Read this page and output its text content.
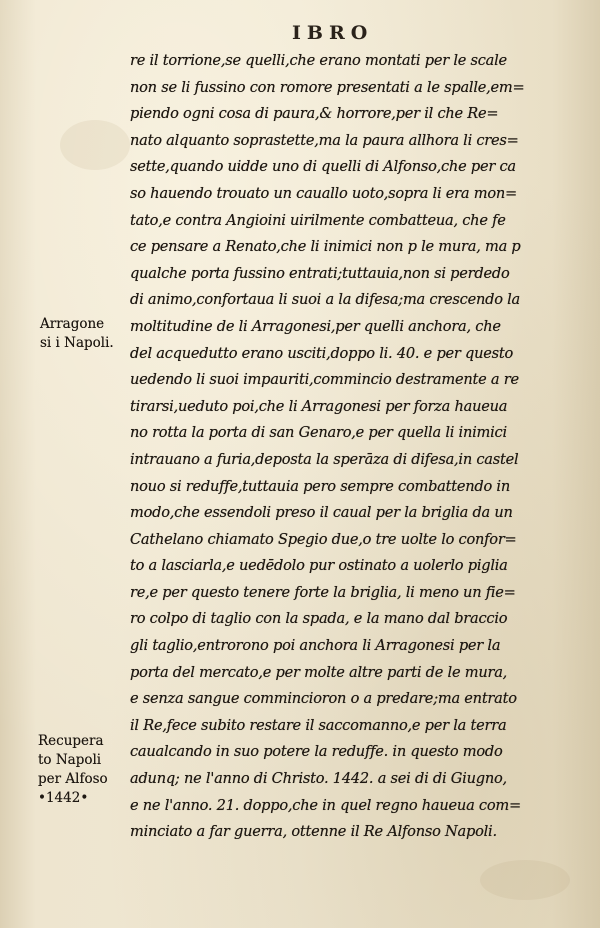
IBRO
re il torrione,se quelli,che erano montati per le scale
non se li fussino con romore presentati a le spalle,em=
piendo ogni cosa di paura,& horrore,per il che Re=
nato alquanto soprastette,ma la paura allhora li cres=
sette,quando uidde uno di quelli di Alfonso,che per ca
so hauendo trouato un cauallo uoto,sopra li era mon=
tato,e contra Angioini uirilmente combatteua, che fe
ce pensare a Renato,che li inimici non p le mura, ma p
qualche porta fussino entrati;tuttauia,non si perdedo
di animo,confortaua li suoi a la difesa;ma crescendo la
moltitudine de li Arragonesi,per quelli anchora, che
del acquedutto erano usciti,doppo li. 40. e per questo
uedendo li suoi impauriti,commincio destramente a re
tirarsi,ueduto poi,che li Arragonesi per forza haueua
no rotta la porta di san Genaro,e per quella li inimici
intrauano a furia,deposta la sperāza di difesa,in castel
nouo si reduffe,tuttauia pero sempre combattendo in
modo,che essendoli preso il caual per la briglia da un
Cathelano chiamato Spegio due,o tre uolte lo confor=
to a lasciarla,e uedēdolo pur ostinato a uolerlo piglia
re,e per questo tenere forte la briglia, li meno un fie=
ro colpo di taglio con la spada, e la mano dal braccio
gli taglio,entrorono poi anchora li Arragonesi per la
porta del mercato,e per molte altre parti de le mura,
e senza sangue commincioron o a predare;ma entrato
il Re,fece subito restare il saccomanno,e per la terra
caualcando in suo potere la reduffe. in questo modo
adunq; ne l'anno di Christo. 1442. a sei di di Giugno,
e ne l'anno. 21. doppo,che in quel regno haueua com=
minciato a far guerra, ottenne il Re Alfonso Napoli.
Arragone
si i Napoli.
Recupera
to Napoli
per Alfoso
•1442•
